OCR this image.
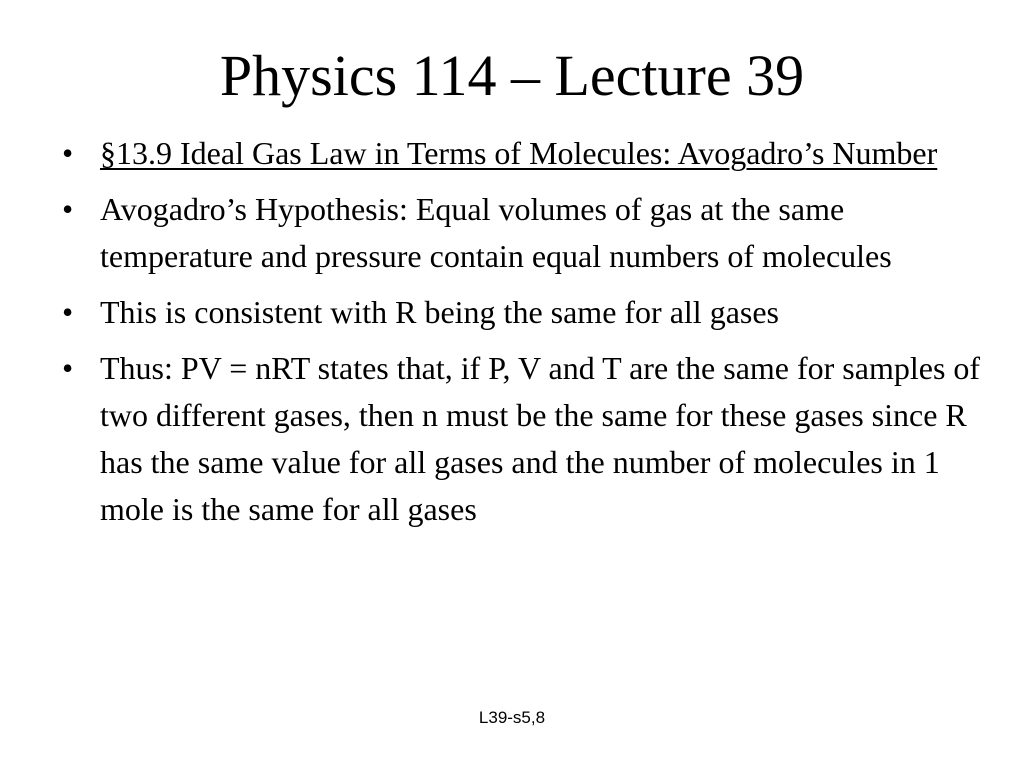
Physics 114 – Lecture 39
• §13.9 Ideal Gas Law in Terms of Molecules: Avogadro’s Number
• Avogadro’s Hypothesis: Equal volumes of gas at the same temperature and pressure contain equal numbers of molecules
• This is consistent with R being the same for all gases
• Thus: PV = nRT states that, if P, V and T are the same for samples of two different gases, then n must be the same for these gases since R has the same value for all gases and the number of molecules in 1 mole is the same for all gases
L39-s5,8
